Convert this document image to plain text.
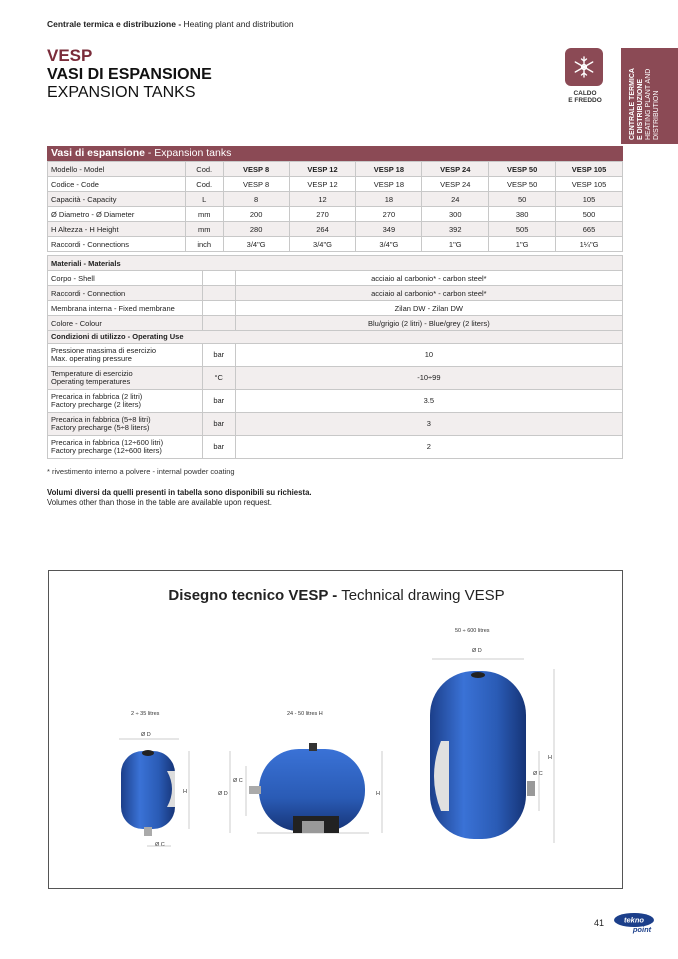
Centrale termica e distribuzione - Heating plant and distribution
VESP
VASI DI ESPANSIONE
EXPANSION TANKS	CALDO
E FREDDO	CENTRALE TERMICA E DISTRIBUZIONE HEATING PLANT AND DISTRIBUTION
Vasi di espansione - Expansion tanks
Modello - Model	Cod.	VESP 8	VESP 12	VESP 18	VESP 24	VESP 50	VESP 105
Codice - Code	Cod.	VESP 8	VESP 12	VESP 18	VESP 24	VESP 50	VESP 105
Capacità - Capacity	L	8	12	18	24	50	105
Ø Diametro - Ø Diameter	mm	200	270	270	300	380	500
H Altezza - H Height	mm	280	264	349	392	505	665
Raccordi - Connections	inch	3/4"G	3/4"G	3/4"G	1"G	1"G	1¼"G
Materiali - Materials		
Corpo - Shell		acciaio al carbonio* - carbon steel*
Raccordi - Connection		acciaio al carbonio* - carbon steel*
Membrana interna - Fixed membrane		Zilan DW - Zilan DW
Colore - Colour		Blu/grigio (2 litri) - Blue/grey (2 liters)
Condizioni di utilizzo - Operating Use		

Pressione massima di esercizio
Max. operating pressure	bar	10

Temperature di esercizio
Operating temperatures	°C	-10÷99

Precarica in fabbrica (2 litri)
Factory precharge (2 liters)	bar	3.5

Precarica in fabbrica (5÷8 litri)
Factory precharge (5÷8 liters)	bar	3

Precarica in fabbrica (12÷600 litri)
Factory precharge (12÷600 liters)	bar	2
* rivestimento interno a polvere - internal powder coating
Volumi diversi da quelli presenti in tabella sono disponibili su richiesta.
Volumes other than those in the table are available upon request.
Disegno tecnico VESP - Technical drawing VESP
2 ÷ 35 litres	24 - 50 litres H
50 ÷ 600 litres
Ø D
Ø C
H	Ø D
Ø C
H
Ø D
Ø C
H
41	tekno
point
